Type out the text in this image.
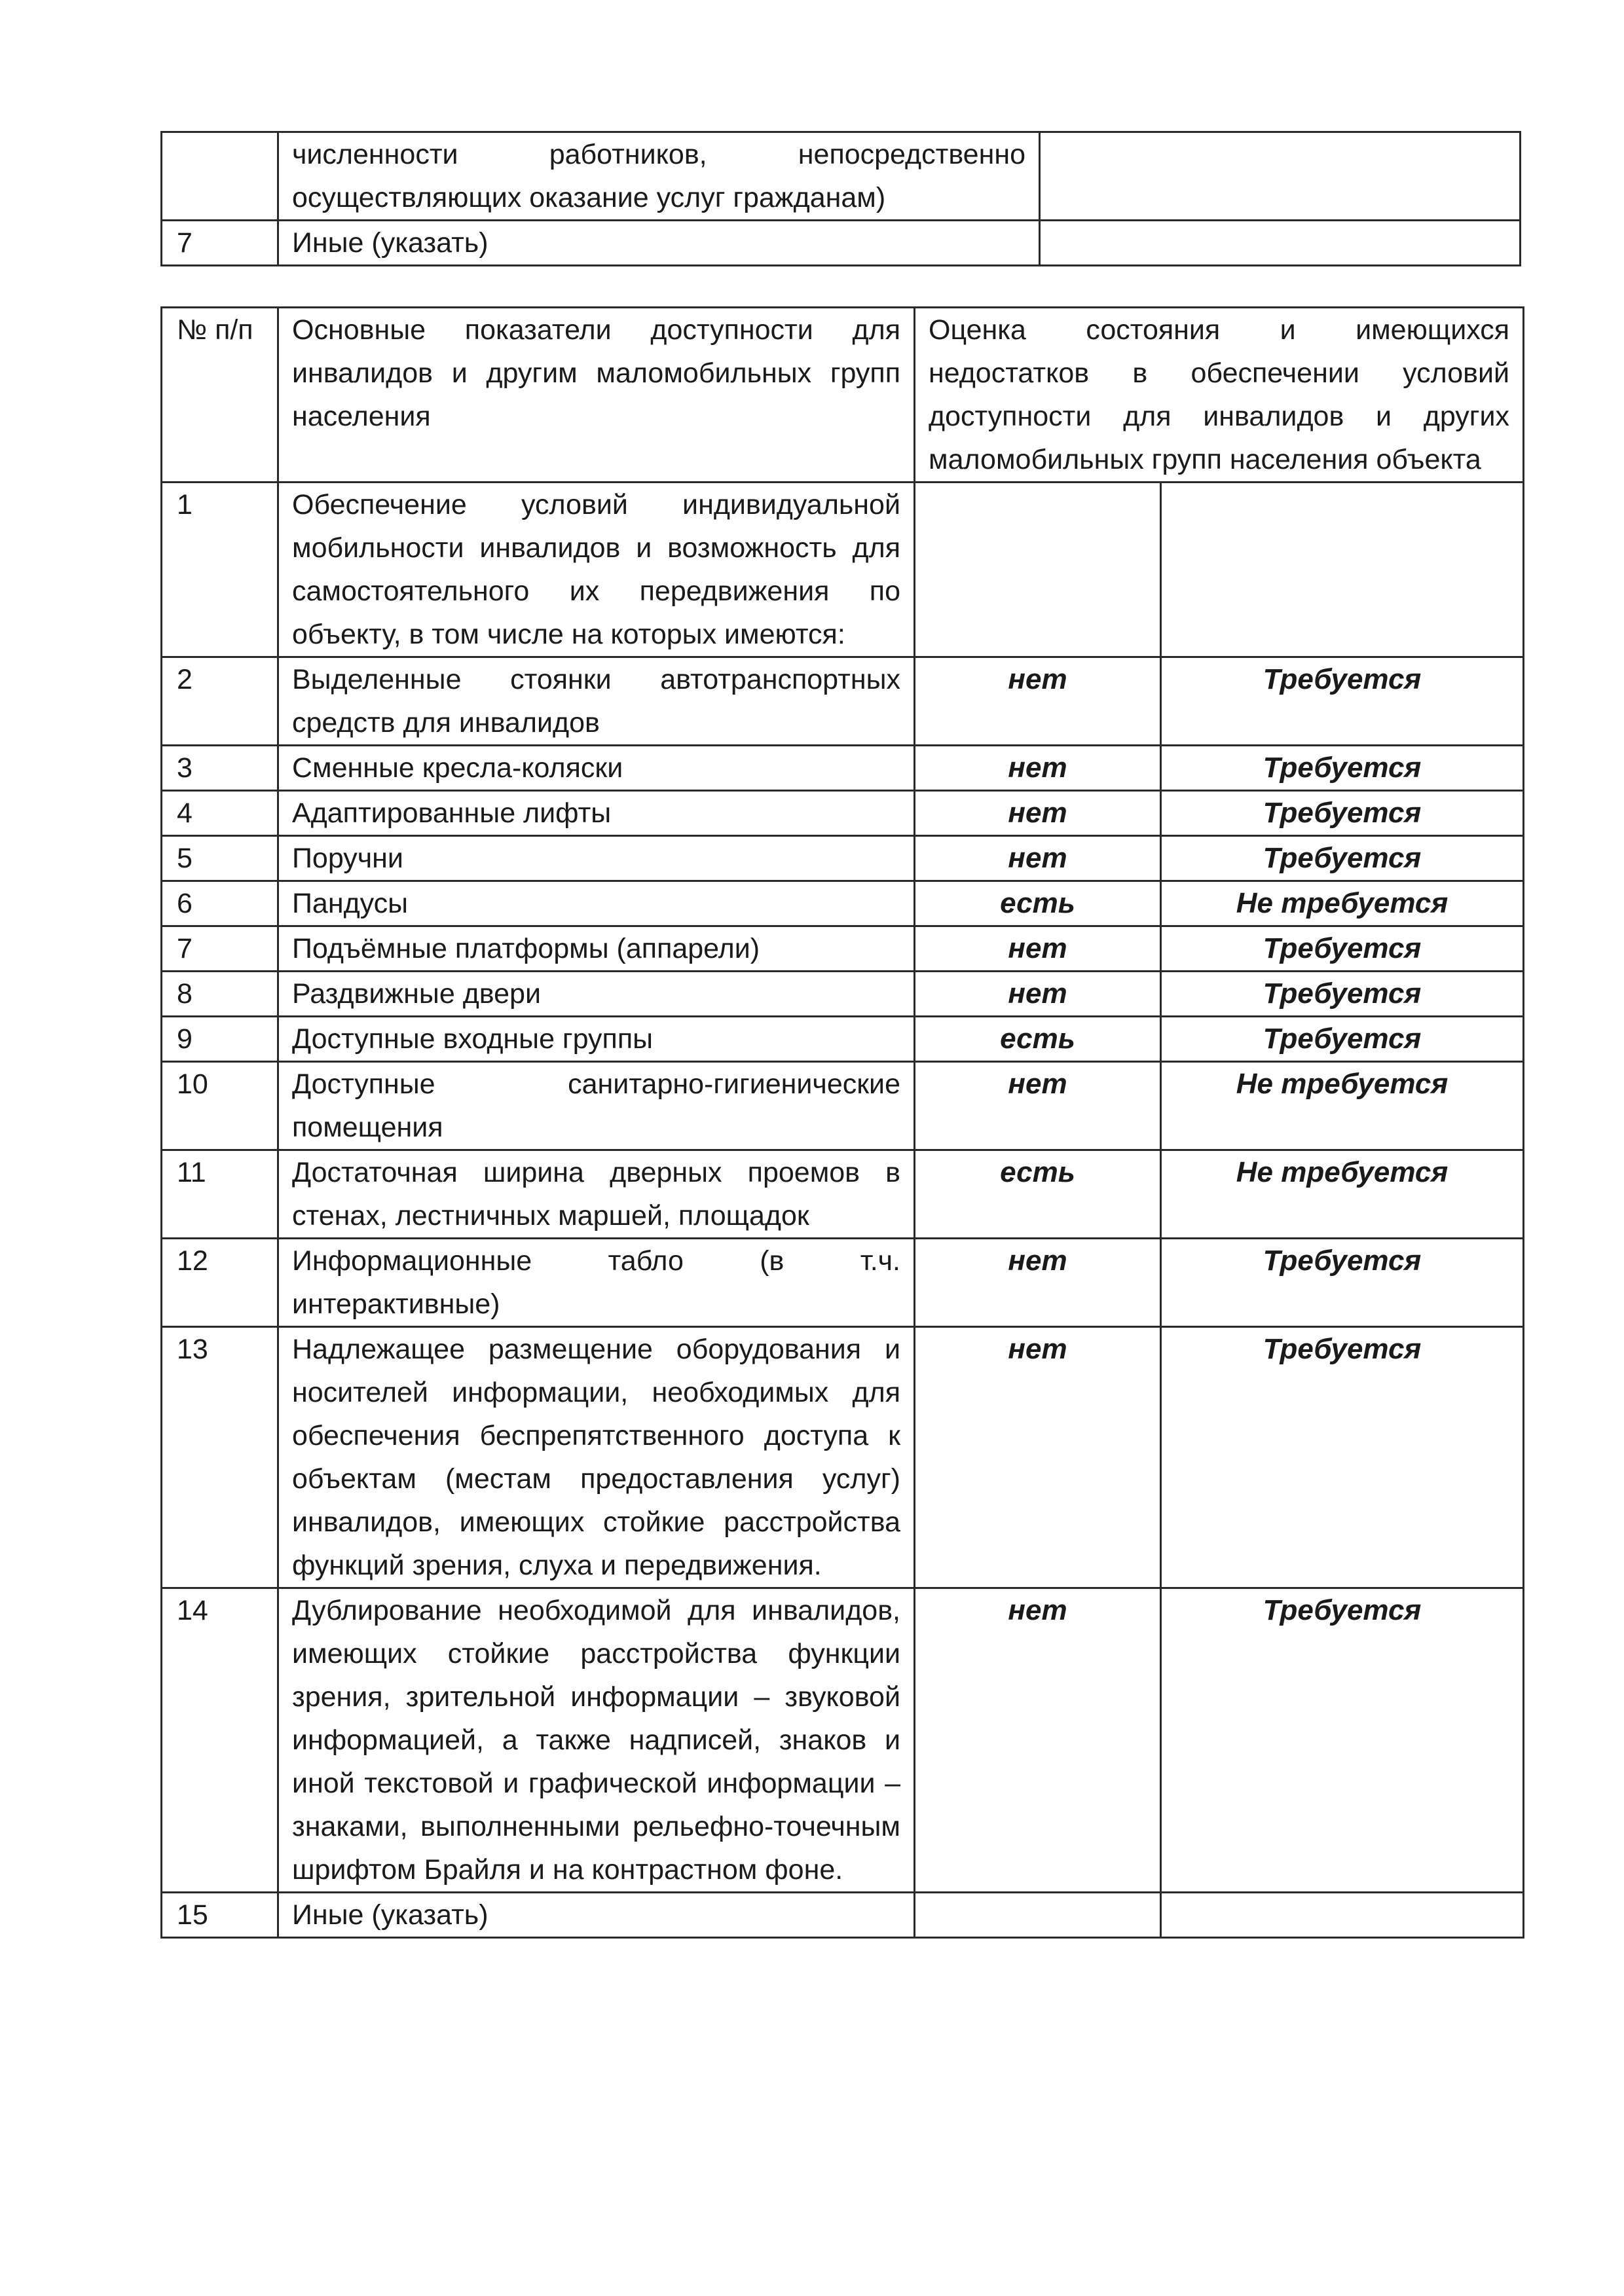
	численности работников, непосредственно осуществляющих оказание услуг гражданам)	
7	Иные (указать)	
№ п/п	Основные показатели доступности для инвалидов и другим маломобильных групп населения	Оценка состояния и имеющихся недостатков в обеспечении условий доступности для инвалидов и других маломобильных групп населения объекта	
1	Обеспечение условий индивидуальной мобильности инвалидов и возможность для самостоятельного их передвижения по объекту, в том числе на которых имеются:		
2	Выделенные стоянки автотранспортных средств для инвалидов	нет	Требуется
3	Сменные кресла-коляски	нет	Требуется
4	Адаптированные лифты	нет	Требуется
5	Поручни	нет	Требуется
6	Пандусы	есть	Не требуется
7	Подъёмные платформы (аппарели)	нет	Требуется
8	Раздвижные двери	нет	Требуется
9	Доступные входные группы	есть	Требуется
10	Доступные санитарно-гигиенические помещения	нет	Не требуется
11	Достаточная ширина дверных проемов в стенах, лестничных маршей, площадок	есть	Не требуется
12	Информационные табло (в т.ч. интерактивные)	нет	Требуется
13	Надлежащее размещение оборудования и носителей информации, необходимых для обеспечения беспрепятственного доступа к объектам (местам предоставления услуг) инвалидов, имеющих стойкие расстройства функций зрения, слуха и передвижения.	нет	Требуется
14	Дублирование необходимой для инвалидов, имеющих стойкие расстройства функции зрения, зрительной информации – звуковой информацией, а также надписей, знаков и иной текстовой и графической информации – знаками, выполненными рельефно-точечным шрифтом Брайля и на контрастном фоне.	нет	Требуется
15	Иные (указать)		
